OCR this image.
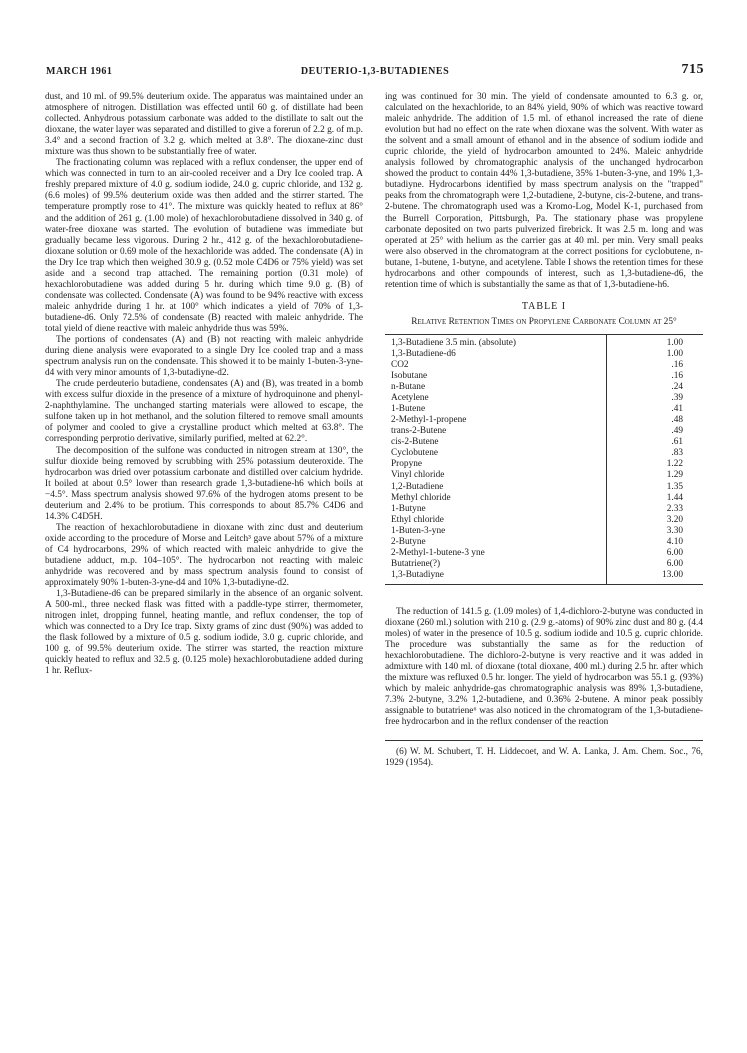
MARCH 1961	DEUTERIO-1,3-BUTADIENES	715

dust, and 10 ml. of 99.5% deuterium oxide. The apparatus was maintained under an atmosphere of nitrogen. Distillation was effected until 60 g. of distillate had been collected. Anhydrous potassium carbonate was added to the distillate to salt out the dioxane, the water layer was separated and distilled to give a forerun of 2.2 g. of m.p. 3.4° and a second fraction of 3.2 g. which melted at 3.8°. The dioxane-zinc dust mixture was thus shown to be substantially free of water.

The fractionating column was replaced with a reflux condenser, the upper end of which was connected in turn to an air-cooled receiver and a Dry Ice cooled trap. A freshly prepared mixture of 4.0 g. sodium iodide, 24.0 g. cupric chloride, and 132 g. (6.6 moles) of 99.5% deuterium oxide was then added and the stirrer started. The temperature promptly rose to 41°. The mixture was quickly heated to reflux at 86° and the addition of 261 g. (1.00 mole) of hexachlorobutadiene dissolved in 340 g. of water-free dioxane was started. The evolution of butadiene was immediate but gradually became less vigorous. During 2 hr., 412 g. of the hexachlorobutadiene-dioxane solution or 0.69 mole of the hexachloride was added. The condensate (A) in the Dry Ice trap which then weighed 30.9 g. (0.52 mole C4D6 or 75% yield) was set aside and a second trap attached. The remaining portion (0.31 mole) of hexachlorobutadiene was added during 5 hr. during which time 9.0 g. (B) of condensate was collected. Condensate (A) was found to be 94% reactive with excess maleic anhydride during 1 hr. at 100° which indicates a yield of 70% of 1,3-butadiene-d6. Only 72.5% of condensate (B) reacted with maleic anhydride. The total yield of diene reactive with maleic anhydride thus was 59%.

The portions of condensates (A) and (B) not reacting with maleic anhydride during diene analysis were evaporated to a single Dry Ice cooled trap and a mass spectrum analysis run on the condensate. This showed it to be mainly 1-buten-3-yne-d4 with very minor amounts of 1,3-butadiyne-d2.

The crude perdeuterio butadiene, condensates (A) and (B), was treated in a bomb with excess sulfur dioxide in the presence of a mixture of hydroquinone and phenyl-2-naphthylamine. The unchanged starting materials were allowed to escape, the sulfone taken up in hot methanol, and the solution filtered to remove small amounts of polymer and cooled to give a crystalline product which melted at 63.8°. The corresponding perprotio derivative, similarly purified, melted at 62.2°.

The decomposition of the sulfone was conducted in nitrogen stream at 130°, the sulfur dioxide being removed by scrubbing with 25% potassium deuteroxide. The hydrocarbon was dried over potassium carbonate and distilled over calcium hydride. It boiled at about 0.5° lower than research grade 1,3-butadiene-h6 which boils at −4.5°. Mass spectrum analysis showed 97.6% of the hydrogen atoms present to be deuterium and 2.4% to be protium. This corresponds to about 85.7% C4D6 and 14.3% C4D5H.

The reaction of hexachlorobutadiene in dioxane with zinc dust and deuterium oxide according to the procedure of Morse and Leitch³ gave about 57% of a mixture of C4 hydrocarbons, 29% of which reacted with maleic anhydride to give the butadiene adduct, m.p. 104–105°. The hydrocarbon not reacting with maleic anhydride was recovered and by mass spectrum analysis found to consist of approximately 90% 1-buten-3-yne-d4 and 10% 1,3-butadiyne-d2.

1,3-Butadiene-d6 can be prepared similarly in the absence of an organic solvent. A 500-ml., three necked flask was fitted with a paddle-type stirrer, thermometer, nitrogen inlet, dropping funnel, heating mantle, and reflux condenser, the top of which was connected to a Dry Ice trap. Sixty grams of zinc dust (90%) was added to the flask followed by a mixture of 0.5 g. sodium iodide, 3.0 g. cupric chloride, and 100 g. of 99.5% deuterium oxide. The stirrer was started, the reaction mixture quickly heated to reflux and 32.5 g. (0.125 mole) hexachlorobutadiene added during 1 hr. Reflux-

ing was continued for 30 min. The yield of condensate amounted to 6.3 g. or, calculated on the hexachloride, to an 84% yield, 90% of which was reactive toward maleic anhydride. The addition of 1.5 ml. of ethanol increased the rate of diene evolution but had no effect on the rate when dioxane was the solvent. With water as the solvent and a small amount of ethanol and in the absence of sodium iodide and cupric chloride, the yield of hydrocarbon amounted to 24%. Maleic anhydride analysis followed by chromatographic analysis of the unchanged hydrocarbon showed the product to contain 44% 1,3-butadiene, 35% 1-buten-3-yne, and 19% 1,3-butadiyne. Hydrocarbons identified by mass spectrum analysis on the "trapped" peaks from the chromatograph were 1,2-butadiene, 2-butyne, cis-2-butene, and trans-2-butene. The chromatograph used was a Kromo-Log, Model K-1, purchased from the Burrell Corporation, Pittsburgh, Pa. The stationary phase was propylene carbonate deposited on two parts pulverized firebrick. It was 2.5 m. long and was operated at 25° with helium as the carrier gas at 40 ml. per min. Very small peaks were also observed in the chromatogram at the correct positions for cyclobutene, n-butane, 1-butene, 1-butyne, and acetylene. Table I shows the retention times for these hydrocarbons and other compounds of interest, such as 1,3-butadiene-d6, the retention time of which is substantially the same as that of 1,3-butadiene-h6.

TABLE I
Relative Retention Times on Propylene Carbonate Column at 25°
1,3-Butadiene 3.5 min. (absolute)	1.00
1,3-Butadiene-d6	1.00
CO2	.16
Isobutane	.16
n-Butane	.24
Acetylene	.39
1-Butene	.41
2-Methyl-1-propene	.48
trans-2-Butene	.49
cis-2-Butene	.61
Cyclobutene	.83
Propyne	1.22
Vinyl chloride	1.29
1,2-Butadiene	1.35
Methyl chloride	1.44
1-Butyne	2.33
Ethyl chloride	3.20
1-Buten-3-yne	3.30
2-Butyne	4.10
2-Methyl-1-butene-3 yne	6.00
Butatriene(?)	6.00
1,3-Butadiyne	13.00

The reduction of 141.5 g. (1.09 moles) of 1,4-dichloro-2-butyne was conducted in dioxane (260 ml.) solution with 210 g. (2.9 g.-atoms) of 90% zinc dust and 80 g. (4.4 moles) of water in the presence of 10.5 g. sodium iodide and 10.5 g. cupric chloride. The procedure was substantially the same as for the reduction of hexachlorobutadiene. The dichloro-2-butyne is very reactive and it was added in admixture with 140 ml. of dioxane (total dioxane, 400 ml.) during 2.5 hr. after which the mixture was refluxed 0.5 hr. longer. The yield of hydrocarbon was 55.1 g. (93%) which by maleic anhydride-gas chromatographic analysis was 89% 1,3-butadiene, 7.3% 2-butyne, 3.2% 1,2-butadiene, and 0.36% 2-butene. A minor peak possibly assignable to butatriene⁶ was also noticed in the chromatogram of the 1,3-butadiene-free hydrocarbon and in the reflux condenser of the reaction

(6) W. M. Schubert, T. H. Liddecoet, and W. A. Lanka, J. Am. Chem. Soc., 76, 1929 (1954).
